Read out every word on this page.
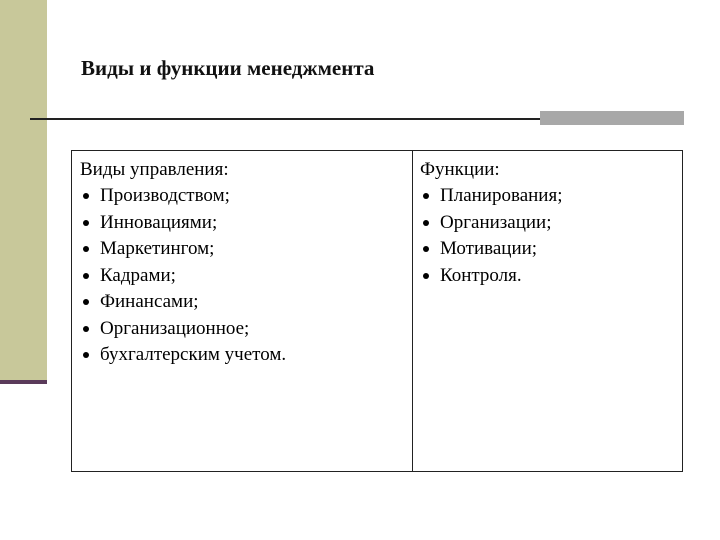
Виды и функции менеджмента
Виды управления:
Производством;
Инновациями;
Маркетингом;
Кадрами;
Финансами;
Организационное;
бухгалтерским учетом.
Функции:
Планирования;
Организации;
Мотивации;
Контроля.
